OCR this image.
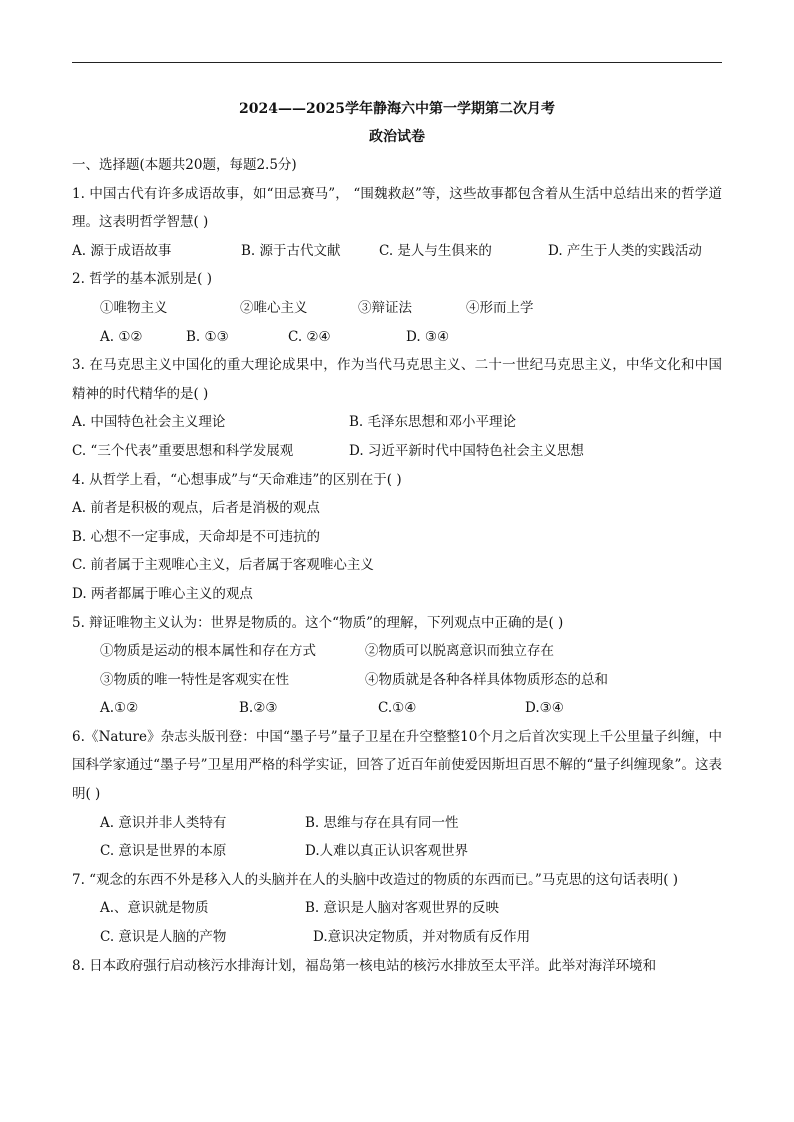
2024——2025学年静海六中第一学期第二次月考
政治试卷
一、选择题(本题共20题，每题2.5分)
1. 中国古代有许多成语故事，如“田忌赛马”， “围魏救赵”等，这些故事都包含着从生活中总结出来的哲学道理。这表明哲学智慧( )
A. 源于成语故事	B. 源于古代文献	C. 是人与生俱来的	D. 产生于人类的实践活动
2. 哲学的基本派别是( )
①唯物主义	②唯心主义	③辩证法	④形而上学
A. ①②	B. ①③	C. ②④	D. ③④
3. 在马克思主义中国化的重大理论成果中，作为当代马克思主义、二十一世纪马克思主义，中华文化和中国精神的时代精华的是( )
A. 中国特色社会主义理论	B. 毛泽东思想和邓小平理论
C. “三个代表”重要思想和科学发展观	D. 习近平新时代中国特色社会主义思想
4. 从哲学上看，“心想事成”与“天命难违”的区别在于( )
A. 前者是积极的观点，后者是消极的观点
B. 心想不一定事成，天命却是不可违抗的
C. 前者属于主观唯心主义，后者属于客观唯心主义
D. 两者都属于唯心主义的观点
5. 辩证唯物主义认为：世界是物质的。这个“物质”的理解，下列观点中正确的是( )
①物质是运动的根本属性和存在方式	②物质可以脱离意识而独立存在
③物质的唯一特性是客观实在性	④物质就是各种各样具体物质形态的总和
A.①②	B.②③	C.①④	D.③④
6.《Nature》杂志头版刊登：中国“墨子号”量子卫星在升空整整10个月之后首次实现上千公里量子纠缠，中国科学家通过“墨子号”卫星用严格的科学实证，回答了近百年前使爱因斯坦百思不解的“量子纠缠现象”。这表明( )
A. 意识并非人类特有	B. 思维与存在具有同一性
C. 意识是世界的本原	D.人难以真正认识客观世界
7. “观念的东西不外是移入人的头脑并在人的头脑中改造过的物质的东西而已。”马克思的这句话表明( )
A.、意识就是物质	B. 意识是人脑对客观世界的反映
C. 意识是人脑的产物	D.意识决定物质，并对物质有反作用
8. 日本政府强行启动核污水排海计划，福岛第一核电站的核污水排放至太平洋。此举对海洋环境和
